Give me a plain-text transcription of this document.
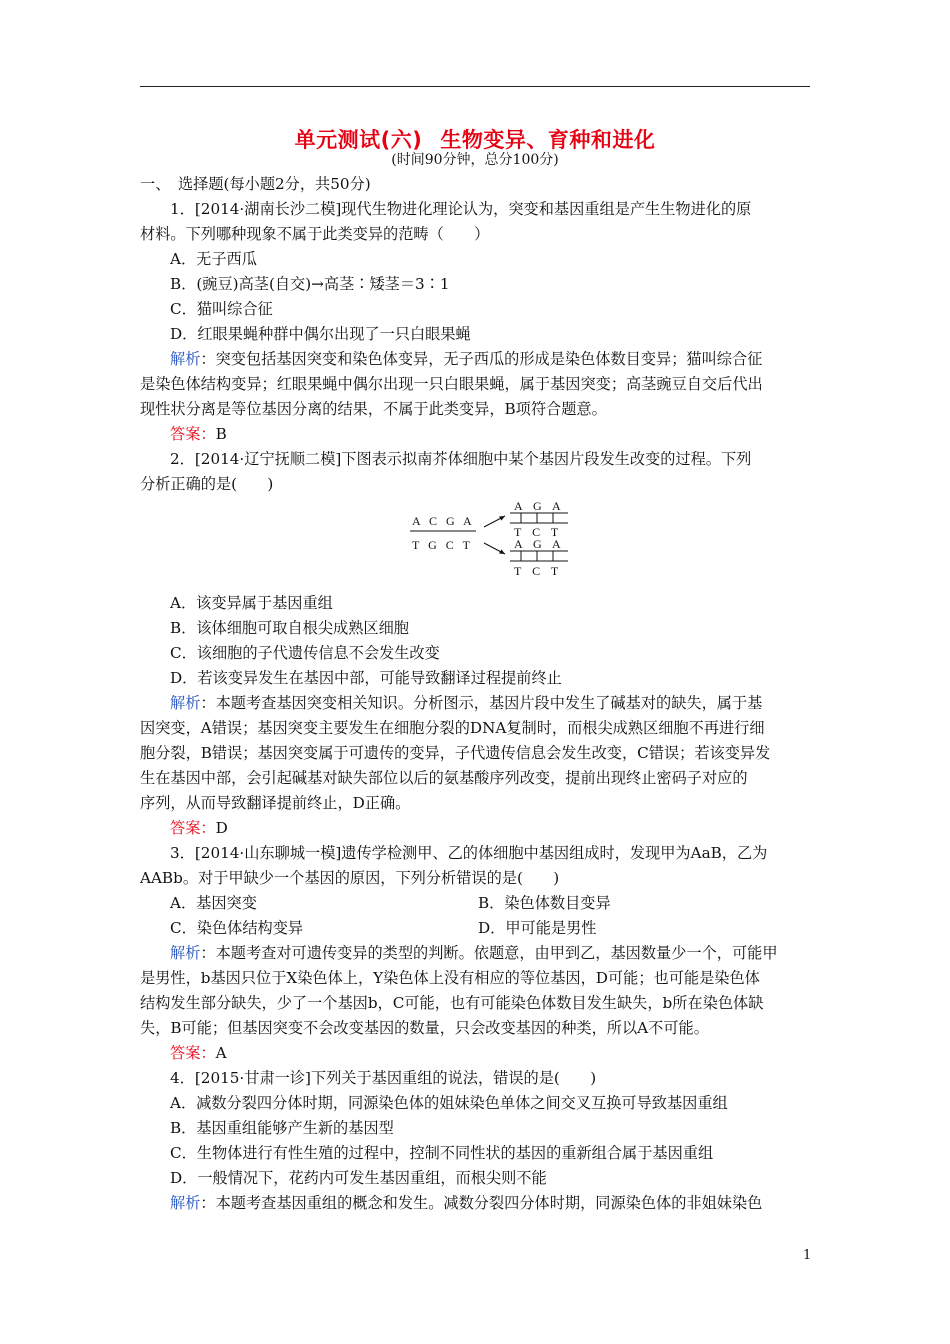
单元测试(六) 生物变异、育种和进化
(时间90分钟，总分100分)
一、　选择题(每小题2分，共50分)
1．[2014·湖南长沙二模]现代生物进化理论认为，突变和基因重组是产生生物进化的原
材料。下列哪种现象不属于此类变异的范畴（　　）
A．无子西瓜
B．(豌豆)高茎(自交)→高茎∶矮茎＝3∶1
C．猫叫综合征
D．红眼果蝇种群中偶尔出现了一只白眼果蝇
解析：突变包括基因突变和染色体变异，无子西瓜的形成是染色体数目变异；猫叫综合征
是染色体结构变异；红眼果蝇中偶尔出现一只白眼果蝇，属于基因突变；高茎豌豆自交后代出
现性状分离是等位基因分离的结果，不属于此类变异，B项符合题意。
答案：B
2．[2014·辽宁抚顺二模]下图表示拟南芥体细胞中某个基因片段发生改变的过程。下列
分析正确的是(　　)
A C G A
T G C T
A G A
T C T
A G A
T C T
A．该变异属于基因重组
B．该体细胞可取自根尖成熟区细胞
C．该细胞的子代遗传信息不会发生改变
D．若该变异发生在基因中部，可能导致翻译过程提前终止
解析：本题考查基因突变相关知识。分析图示，基因片段中发生了碱基对的缺失，属于基
因突变，A错误；基因突变主要发生在细胞分裂的DNA复制时，而根尖成熟区细胞不再进行细
胞分裂，B错误；基因突变属于可遗传的变异，子代遗传信息会发生改变，C错误；若该变异发
生在基因中部，会引起碱基对缺失部位以后的氨基酸序列改变，提前出现终止密码子对应的
序列，从而导致翻译提前终止，D正确。
答案：D
3．[2014·山东聊城一模]遗传学检测甲、乙的体细胞中基因组成时，发现甲为AaB，乙为
AABb。对于甲缺少一个基因的原因，下列分析错误的是(　　)
A．基因突变	B．染色体数目变异
C．染色体结构变异	D．甲可能是男性
解析：本题考查对可遗传变异的类型的判断。依题意，由甲到乙，基因数量少一个，可能甲
是男性，b基因只位于X染色体上，Y染色体上没有相应的等位基因，D可能；也可能是染色体
结构发生部分缺失，少了一个基因b，C可能，也有可能染色体数目发生缺失，b所在染色体缺
失，B可能；但基因突变不会改变基因的数量，只会改变基因的种类，所以A不可能。
答案：A
4．[2015·甘肃一诊]下列关于基因重组的说法，错误的是(　　)
A．减数分裂四分体时期，同源染色体的姐妹染色单体之间交叉互换可导致基因重组
B．基因重组能够产生新的基因型
C．生物体进行有性生殖的过程中，控制不同性状的基因的重新组合属于基因重组
D．一般情况下，花药内可发生基因重组，而根尖则不能
解析：本题考查基因重组的概念和发生。减数分裂四分体时期，同源染色体的非姐妹染色
1
